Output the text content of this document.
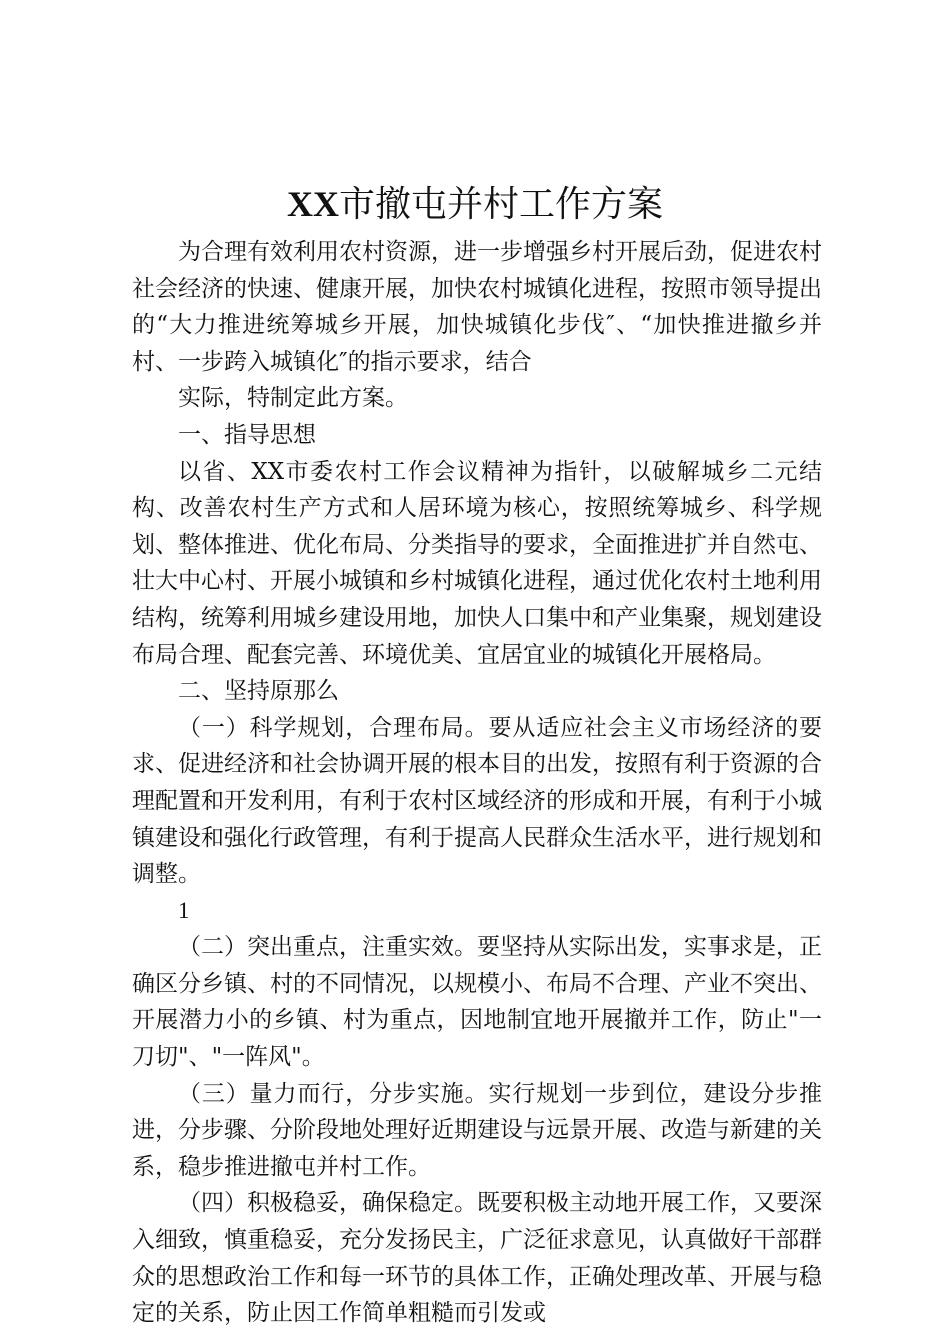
XX市撤屯并村工作方案

为合理有效利用农村资源，进一步增强乡村开展后劲，促进农村社会经济的快速、健康开展，加快农村城镇化进程，按照市领导提出的“大力推进统筹城乡开展，加快城镇化步伐″、“加快推进撤乡并村、一步跨入城镇化″的指示要求，结合

实际，特制定此方案。

一、指导思想

以省、XX市委农村工作会议精神为指针，以破解城乡二元结构、改善农村生产方式和人居环境为核心，按照统筹城乡、科学规划、整体推进、优化布局、分类指导的要求，全面推进扩并自然屯、壮大中心村、开展小城镇和乡村城镇化进程，通过优化农村土地利用结构，统筹利用城乡建设用地，加快人口集中和产业集聚，规划建设布局合理、配套完善、环境优美、宜居宜业的城镇化开展格局。

二、坚持原那么

（一）科学规划，合理布局。要从适应社会主义市场经济的要求、促进经济和社会协调开展的根本目的出发，按照有利于资源的合理配置和开发利用，有利于农村区域经济的形成和开展，有利于小城镇建设和强化行政管理，有利于提高人民群众生活水平，进行规划和调整。

1

（二）突出重点，注重实效。要坚持从实际出发，实事求是，正确区分乡镇、村的不同情况，以规模小、布局不合理、产业不突出、开展潜力小的乡镇、村为重点，因地制宜地开展撤并工作，防止"一刀切"、"一阵风"。

（三）量力而行，分步实施。实行规划一步到位，建设分步推进，分步骤、分阶段地处理好近期建设与远景开展、改造与新建的关系，稳步推进撤屯并村工作。

（四）积极稳妥，确保稳定。既要积极主动地开展工作，又要深入细致，慎重稳妥，充分发扬民主，广泛征求意见，认真做好干部群众的思想政治工作和每一环节的具体工作，正确处理改革、开展与稳定的关系，防止因工作简单粗糙而引发或
